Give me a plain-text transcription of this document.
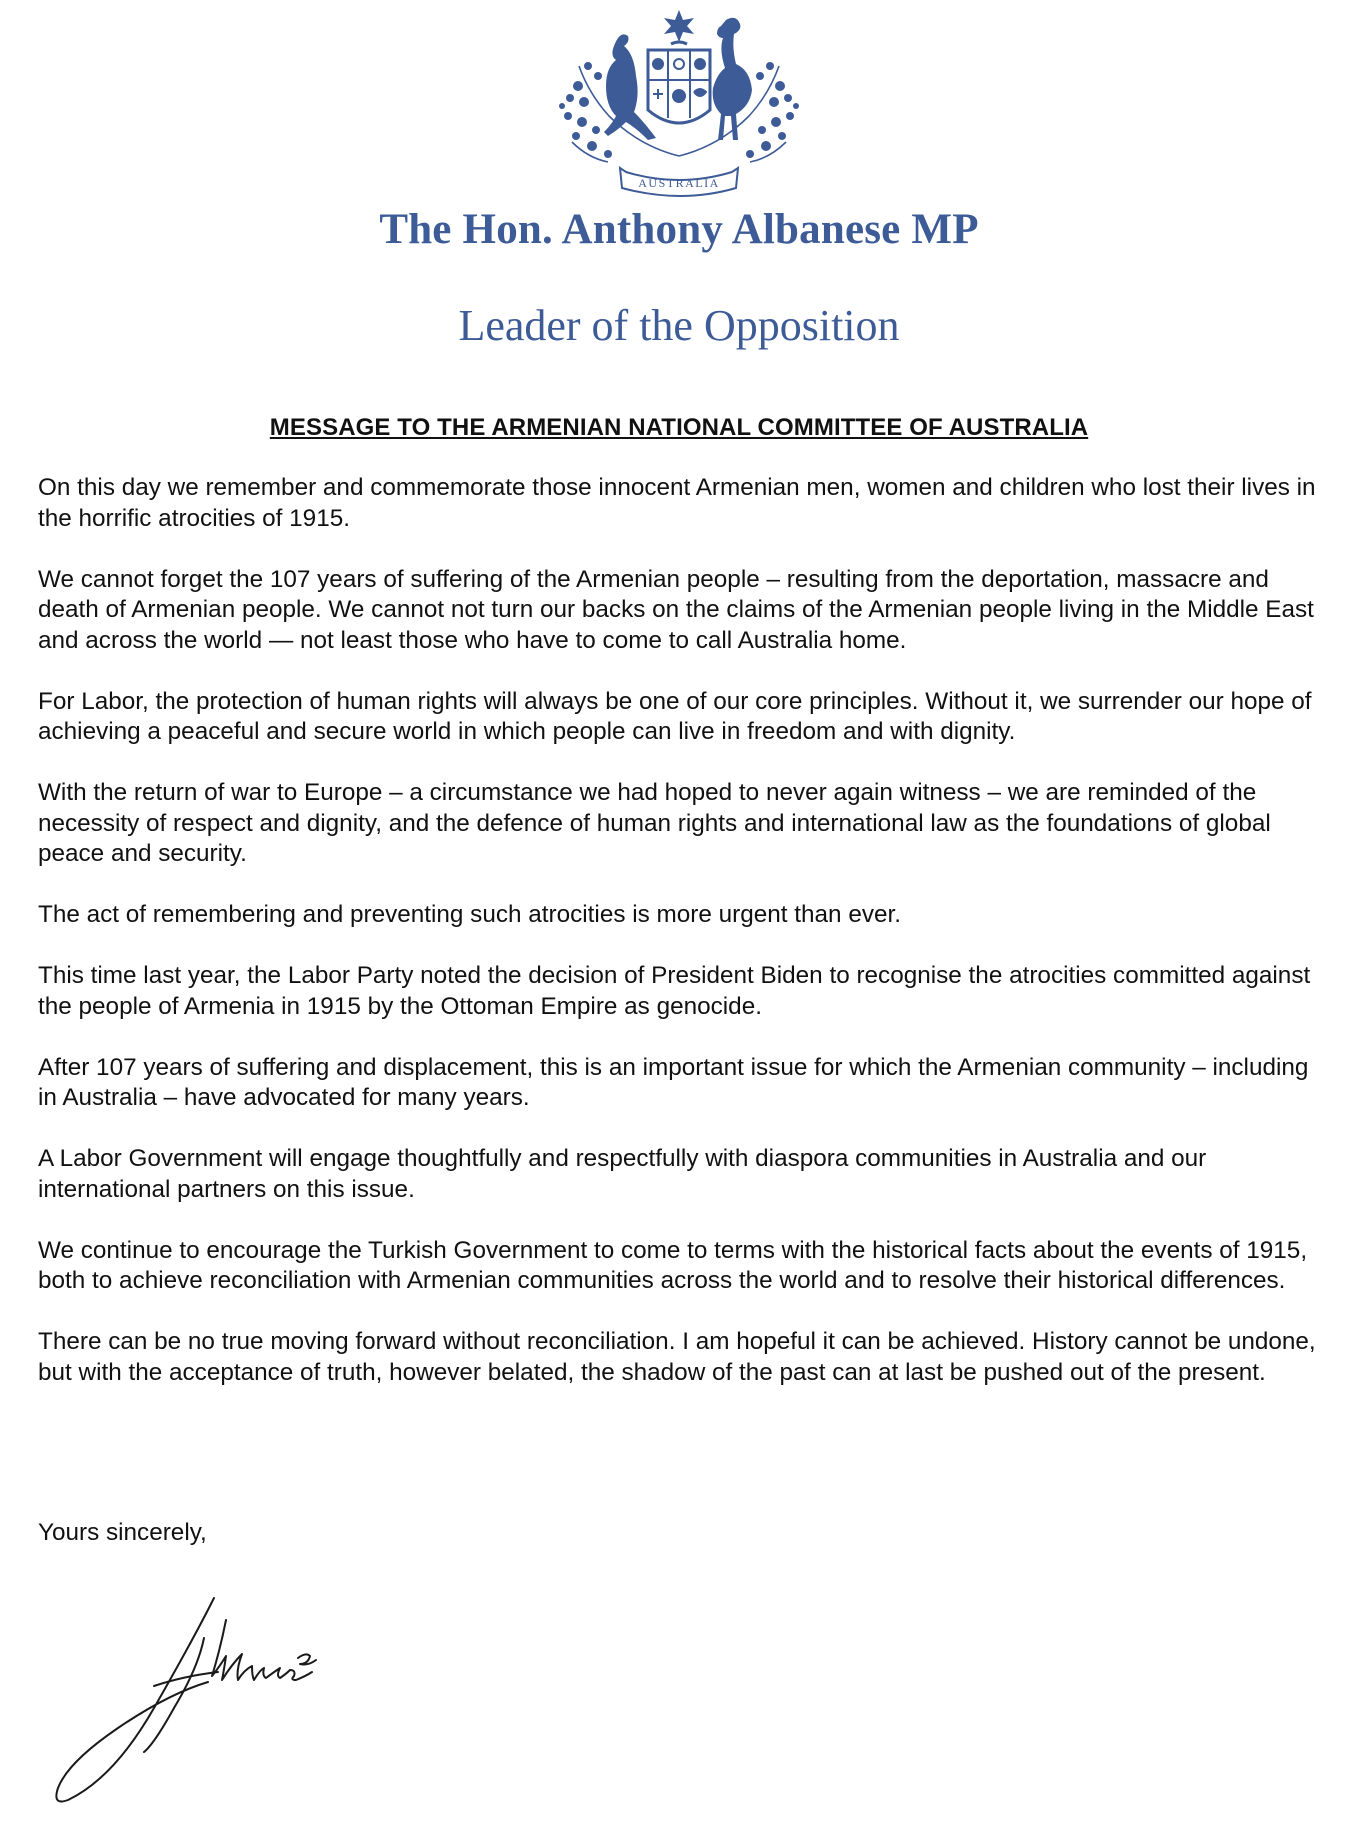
AUSTRALIA
The Hon. Anthony Albanese MP
Leader of the Opposition
MESSAGE TO THE ARMENIAN NATIONAL COMMITTEE OF AUSTRALIA

On this day we remember and commemorate those innocent Armenian men, women and children who lost their lives in the horrific atrocities of 1915.

We cannot forget the 107 years of suffering of the Armenian people – resulting from the deportation, massacre and death of Armenian people. We cannot not turn our backs on the claims of the Armenian people living in the Middle East and across the world — not least those who have to come to call Australia home.

For Labor, the protection of human rights will always be one of our core principles. Without it, we surrender our hope of achieving a peaceful and secure world in which people can live in freedom and with dignity.

With the return of war to Europe – a circumstance we had hoped to never again witness – we are reminded of the necessity of respect and dignity, and the defence of human rights and international law as the foundations of global peace and security.

The act of remembering and preventing such atrocities is more urgent than ever.

This time last year, the Labor Party noted the decision of President Biden to recognise the atrocities committed against the people of Armenia in 1915 by the Ottoman Empire as genocide.

After 107 years of suffering and displacement, this is an important issue for which the Armenian community – including in Australia – have advocated for many years.

A Labor Government will engage thoughtfully and respectfully with diaspora communities in Australia and our international partners on this issue.

We continue to encourage the Turkish Government to come to terms with the historical facts about the events of 1915, both to achieve reconciliation with Armenian communities across the world and to resolve their historical differences.

There can be no true moving forward without reconciliation. I am hopeful it can be achieved. History cannot be undone, but with the acceptance of truth, however belated, the shadow of the past can at last be pushed out of the present.

Yours sincerely,
